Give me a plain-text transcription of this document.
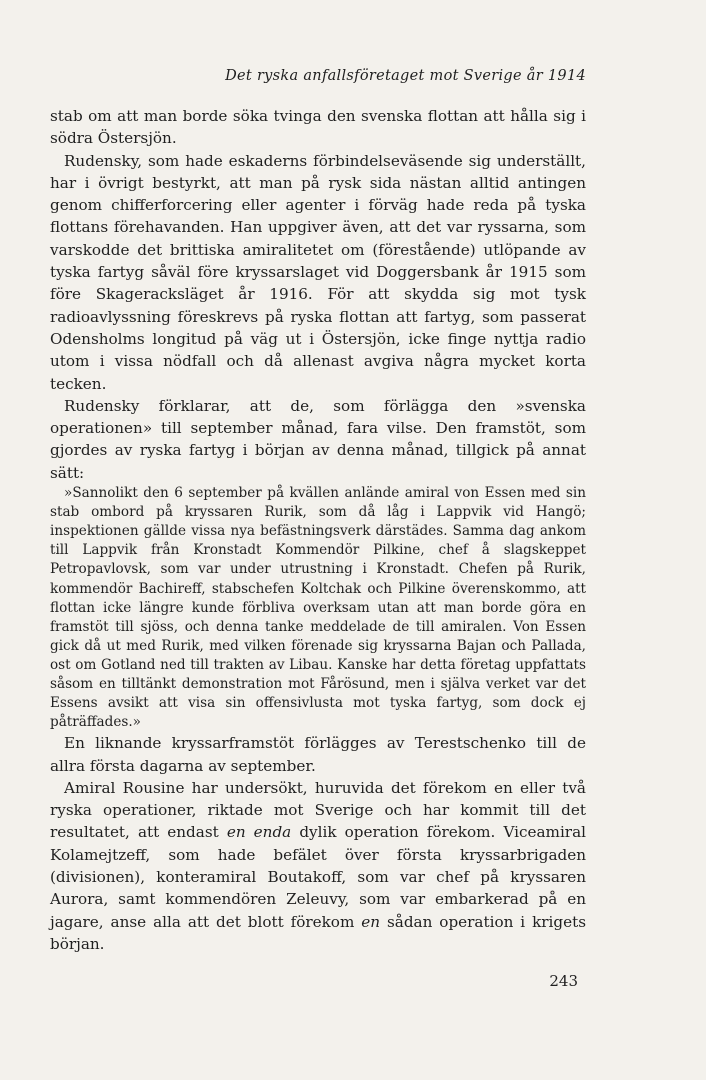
Det ryska anfallsföretaget mot Sverige år 1914

stab om att man borde söka tvinga den svenska flottan att hålla sig i södra Östersjön.

Rudensky, som hade eskaderns förbindelseväsende sig underställt, har i övrigt bestyrkt, att man på rysk sida nästan alltid antingen genom chifferforcering eller agenter i förväg hade reda på tyska flottans förehavanden. Han uppgiver även, att det var ryssarna, som varskodde det brittiska amiralitetet om (förestående) utlöpande av tyska fartyg såväl före kryssarslaget vid Doggersbank år 1915 som före Skageracksläget år 1916. För att skydda sig mot tysk radioavlyssning föreskrevs på ryska flottan att fartyg, som passerat Odensholms longitud på väg ut i Östersjön, icke finge nyttja radio utom i vissa nödfall och då allenast avgiva några mycket korta tecken.

Rudensky förklarar, att de, som förlägga den »svenska operationen» till september månad, fara vilse. Den framstöt, som gjordes av ryska fartyg i början av denna månad, tillgick på annat sätt:

»Sannolikt den 6 september på kvällen anlände amiral von Essen med sin stab ombord på kryssaren Rurik, som då låg i Lappvik vid Hangö; inspektionen gällde vissa nya befästningsverk därstädes. Samma dag ankom till Lappvik från Kronstadt Kommendör Pilkine, chef å slagskeppet Petropavlovsk, som var under utrustning i Kronstadt. Chefen på Rurik, kommendör Bachireff, stabschefen Koltchak och Pilkine överenskommo, att flottan icke längre kunde förbliva overksam utan att man borde göra en framstöt till sjöss, och denna tanke meddelade de till amiralen. Von Essen gick då ut med Rurik, med vilken förenade sig kryssarna Bajan och Pallada, ost om Gotland ned till trakten av Libau. Kanske har detta företag uppfattats såsom en tilltänkt demonstration mot Fårösund, men i själva verket var det Essens avsikt att visa sin offensivlusta mot tyska fartyg, som dock ej påträffades.»

En liknande kryssarframstöt förlägges av Terestschenko till de allra första dagarna av september.

Amiral Rousine har undersökt, huruvida det förekom en eller två ryska operationer, riktade mot Sverige och har kommit till det resultatet, att endast en enda dylik operation förekom. Viceamiral Kolamejtzeff, som hade befälet över första kryssarbrigaden (divisionen), konteramiral Boutakoff, som var chef på kryssaren Aurora, samt kommendören Zeleuvy, som var embarkerad på en jagare, anse alla att det blott förekom en sådan operation i krigets början.

243
